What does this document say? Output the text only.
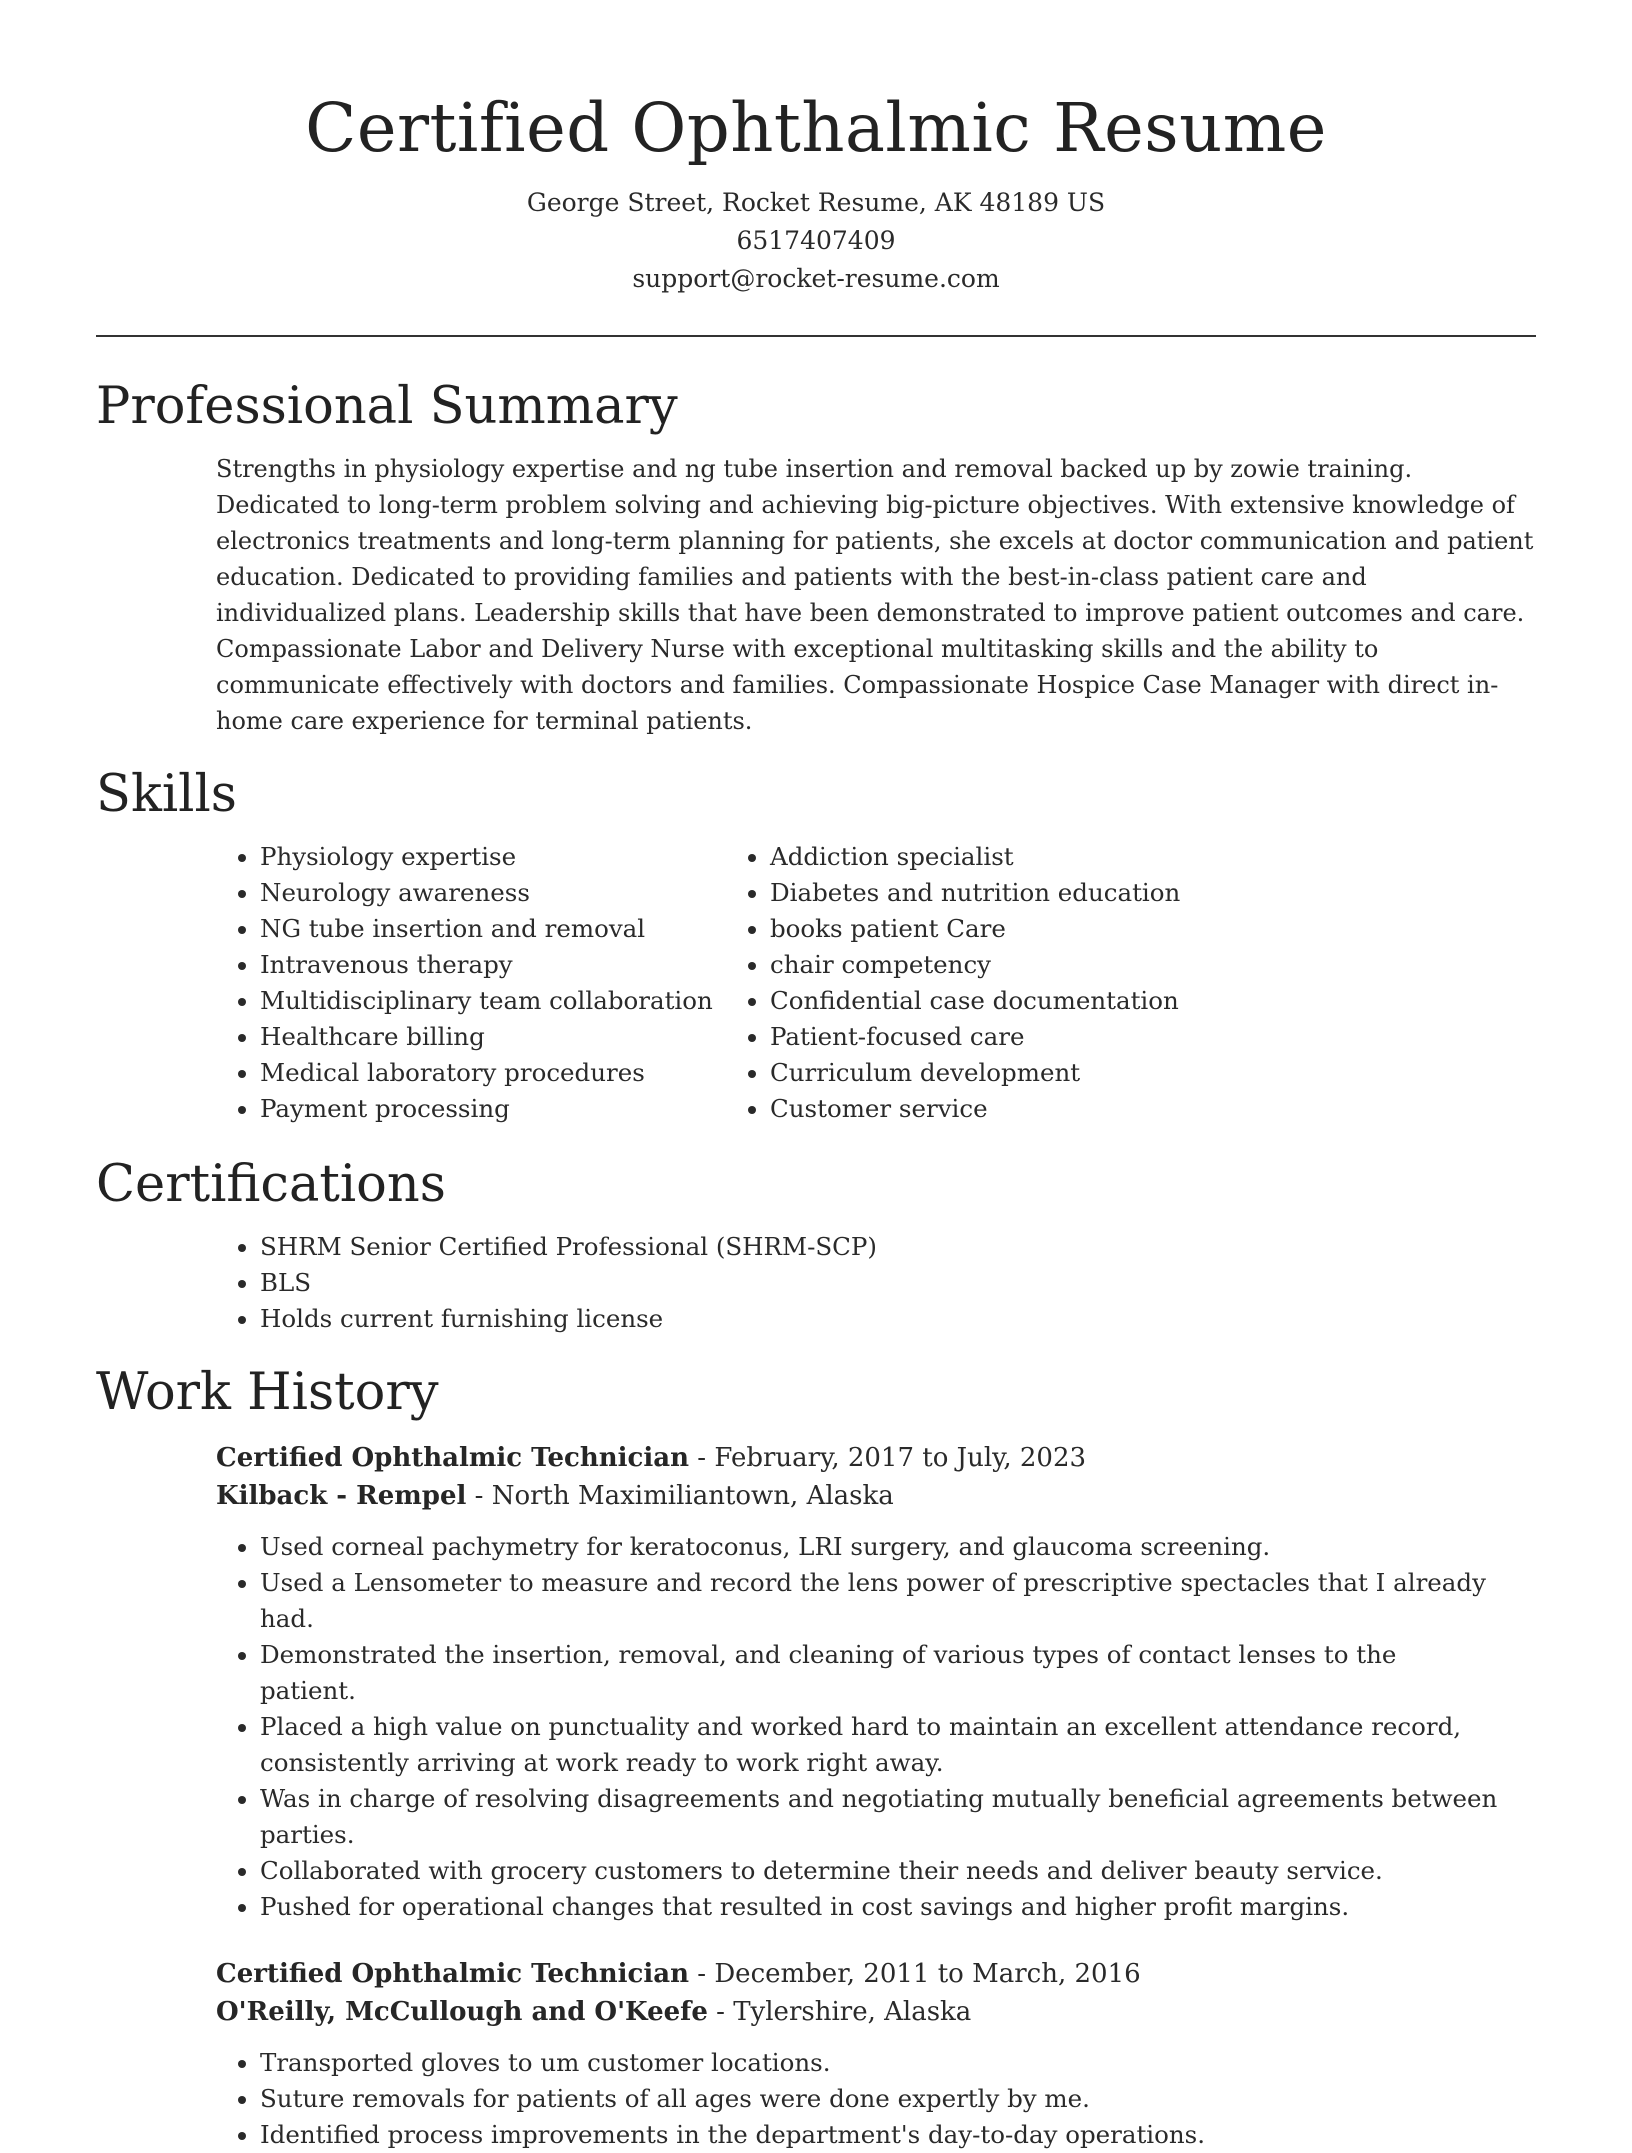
Certified Ophthalmic Resume
George Street, Rocket Resume, AK 48189 US
6517407409
support@rocket-resume.com
Professional Summary

Strengths in physiology expertise and ng tube insertion and removal backed up by zowie training. Dedicated to long-term problem solving and achieving big-picture objectives. With extensive knowledge of electronics treatments and long-term planning for patients, she excels at doctor communication and patient education. Dedicated to providing families and patients with the best-in-class patient care and individualized plans. Leadership skills that have been demonstrated to improve patient outcomes and care. Compassionate Labor and Delivery Nurse with exceptional multitasking skills and the ability to communicate effectively with doctors and families. Compassionate Hospice Case Manager with direct in-home care experience for terminal patients.

Skills
• Physiology expertise
• Neurology awareness
• NG tube insertion and removal
• Intravenous therapy
• Multidisciplinary team collaboration
• Healthcare billing
• Medical laboratory procedures
• Payment processing
• Addiction specialist
• Diabetes and nutrition education
• books patient Care
• chair competency
• Confidential case documentation
• Patient-focused care
• Curriculum development
• Customer service
Certifications
• SHRM Senior Certified Professional (SHRM-SCP)
• BLS
• Holds current furnishing license
Work History
Certified Ophthalmic Technician - February, 2017 to July, 2023
Kilback - Rempel - North Maximiliantown, Alaska
• Used corneal pachymetry for keratoconus, LRI surgery, and glaucoma screening.
• Used a Lensometer to measure and record the lens power of prescriptive spectacles that I already had.
• Demonstrated the insertion, removal, and cleaning of various types of contact lenses to the patient.
• Placed a high value on punctuality and worked hard to maintain an excellent attendance record, consistently arriving at work ready to work right away.
• Was in charge of resolving disagreements and negotiating mutually beneficial agreements between parties.
• Collaborated with grocery customers to determine their needs and deliver beauty service.
• Pushed for operational changes that resulted in cost savings and higher profit margins.
Certified Ophthalmic Technician - December, 2011 to March, 2016
O'Reilly, McCullough and O'Keefe - Tylershire, Alaska
• Transported gloves to um customer locations.
• Suture removals for patients of all ages were done expertly by me.
• Identified process improvements in the department's day-to-day operations.
